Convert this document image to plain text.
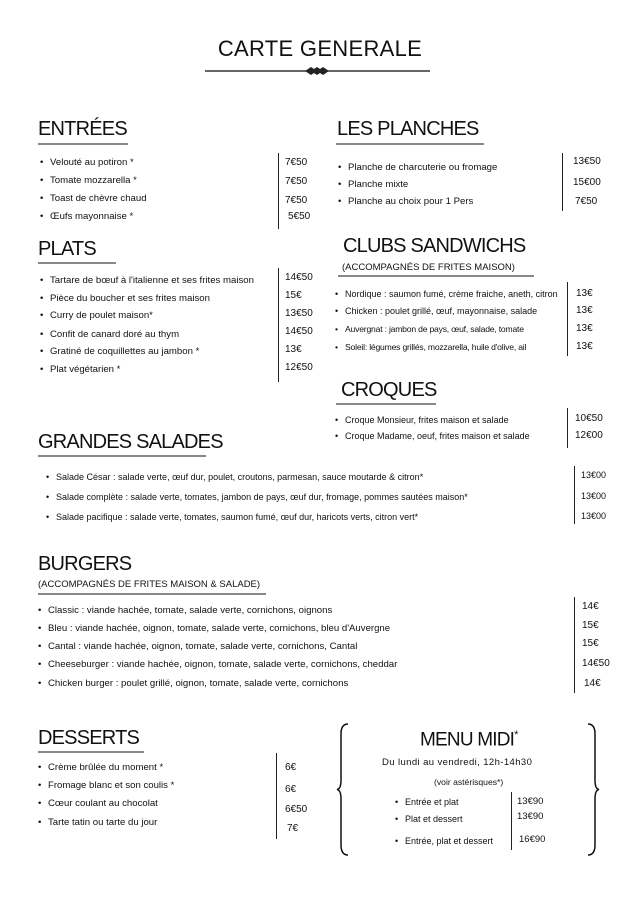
CARTE GENERALE
ENTRÉES
• Velouté au potiron *
• Tomate mozzarella *
• Toast de chèvre chaud
• Œufs mayonnaise *
7€50
7€50
7€50
5€50
LES PLANCHES
• Planche de charcuterie ou fromage
• Planche mixte
• Planche au choix pour 1 Pers
13€50
15€00
7€50
PLATS
• Tartare de bœuf à l'italienne et ses frites maison
• Pièce du boucher et ses frites maison
• Curry de poulet maison*
• Confit de canard doré au thym
• Gratiné de coquillettes au jambon *
• Plat végétarien *
14€50
15€
13€50
14€50
13€
12€50
CLUBS SANDWICHS
(ACCOMPAGNÉS DE FRITES MAISON)
• Nordique : saumon fumé, crème fraiche, aneth, citron
• Chicken : poulet grillé, œuf, mayonnaise, salade
• Auvergnat : jambon de pays, œuf, salade, tomate
• Soleil: légumes grillés, mozzarella, huile d'olive, ail
13€
13€
13€
13€
CROQUES
• Croque Monsieur, frites maison et salade
• Croque Madame, oeuf, frites maison et salade
10€50
12€00
GRANDES SALADES
• Salade César : salade verte, œuf dur, poulet, croutons, parmesan, sauce moutarde & citron*
• Salade complète : salade verte, tomates, jambon de pays, œuf dur, fromage, pommes sautées maison*
• Salade pacifique : salade verte, tomates, saumon fumé, œuf dur, haricots verts, citron vert*
13€00
13€00
13€00
BURGERS
(ACCOMPAGNÉS DE FRITES MAISON & SALADE)
• Classic : viande hachée, tomate, salade verte, cornichons, oignons
• Bleu : viande hachée, oignon, tomate, salade verte, cornichons, bleu d'Auvergne
• Cantal : viande hachée, oignon, tomate, salade verte, cornichons, Cantal
• Cheeseburger : viande hachée, oignon, tomate, salade verte, cornichons, cheddar
• Chicken burger : poulet grillé, oignon, tomate, salade verte, cornichons
14€
15€
15€
14€50
14€
DESSERTS
• Crème brûlée du moment *
• Fromage blanc et son coulis *
• Cœur coulant au chocolat
• Tarte tatin ou tarte du jour
6€
6€
6€50
7€
MENU MIDI*
Du lundi au vendredi, 12h-14h30
(voir astérisques*)
• Entrée et plat
• Plat et dessert
• Entrée, plat et dessert
13€90
13€90
16€90
